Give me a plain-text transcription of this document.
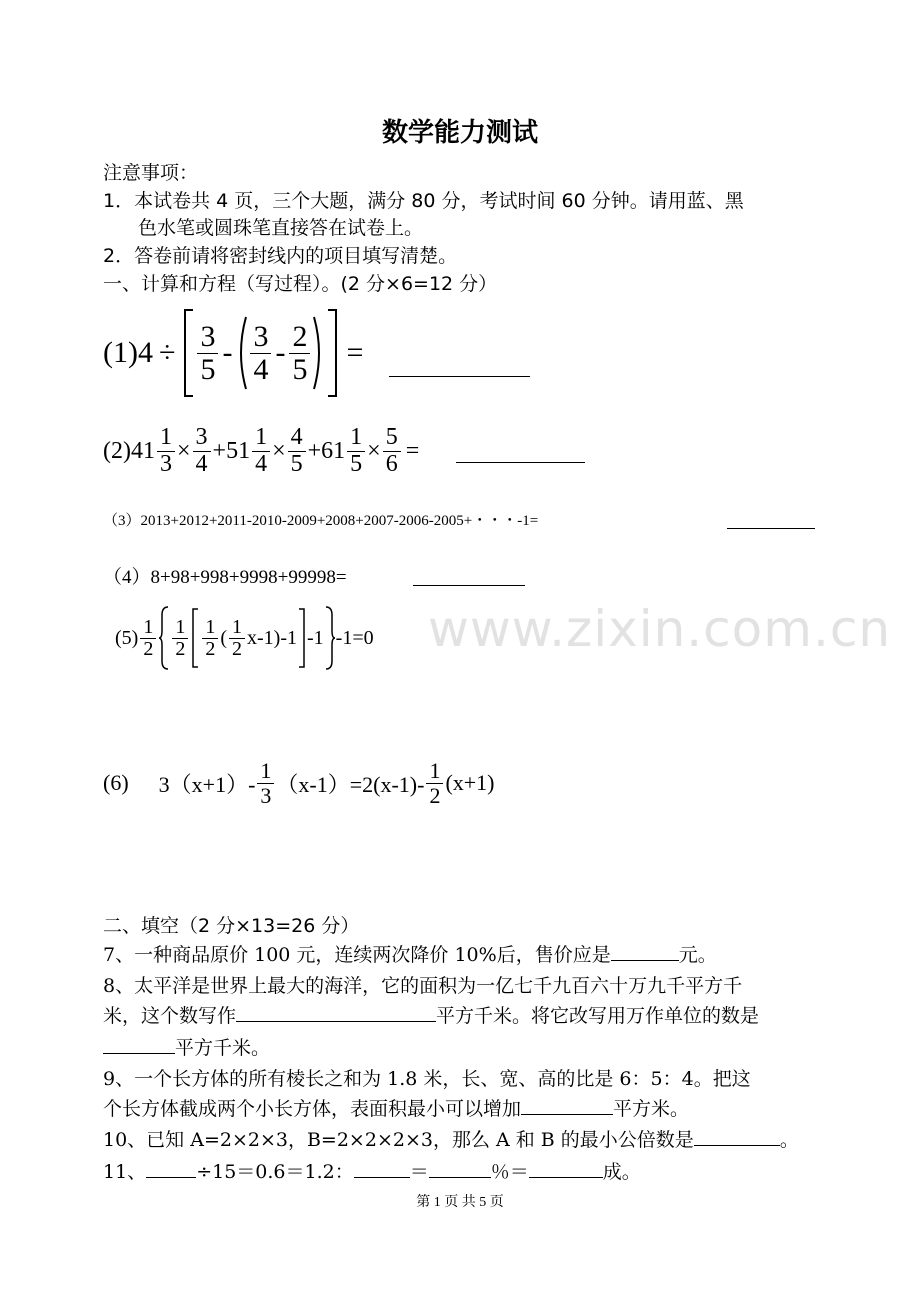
数学能力测试
注意事项：
1．本试卷共 4 页，三个大题，满分 80 分，考试时间 60 分钟。请用蓝、黑
色水笔或圆珠笔直接答在试卷上。
2．答卷前请将密封线内的项目填写清楚。
一、计算和方程（写过程）。(2 分×6=12 分）
$(1)4 \div \frac{3}{5} - \frac{3}{4} - \frac{2}{5}$ =
$(2)41 \frac{1}{3} \times \frac{3}{4} +51 \frac{1}{4} \times \frac{4}{5} +61 \frac{1}{5} \times \frac{5}{6}$ =
（3）2013+2012+2011-2010-2009+2008+2007-2006-2005+・・・-1=
（4）8+98+998+9998+99998=
$(5) \frac{1}{2} \frac{1}{2} \frac{1}{2}$ ( $\frac{1}{2} x-1$ )-1 -1 -1=0 www.zixin.com.cn
(6) $3(x+1)- \frac{1}{3} (x-1)=2(x-1)- \frac{1}{2} (x+1)$
二、填空（2 分×13=26 分）
7、一种商品原价 100 元，连续两次降价 10%后，售价应是	元。
8、太平洋是世界上最大的海洋，它的面积为一亿七千九百六十万九千平方千
米，这个数写作	平方千米。将它改写用万作单位的数是
平方千米。
9、一个长方体的所有棱长之和为 1.8 米，长、宽、高的比是 6：5：4。把这
个长方体截成两个小长方体，表面积最小可以增加	平方米。
10、已知 A=2×2×3，B=2×2×2×3，那么 A 和 B 的最小公倍数是	。
11、	÷15＝0.6＝1.2：	＝	％＝	成。
第 1 页 共 5 页
